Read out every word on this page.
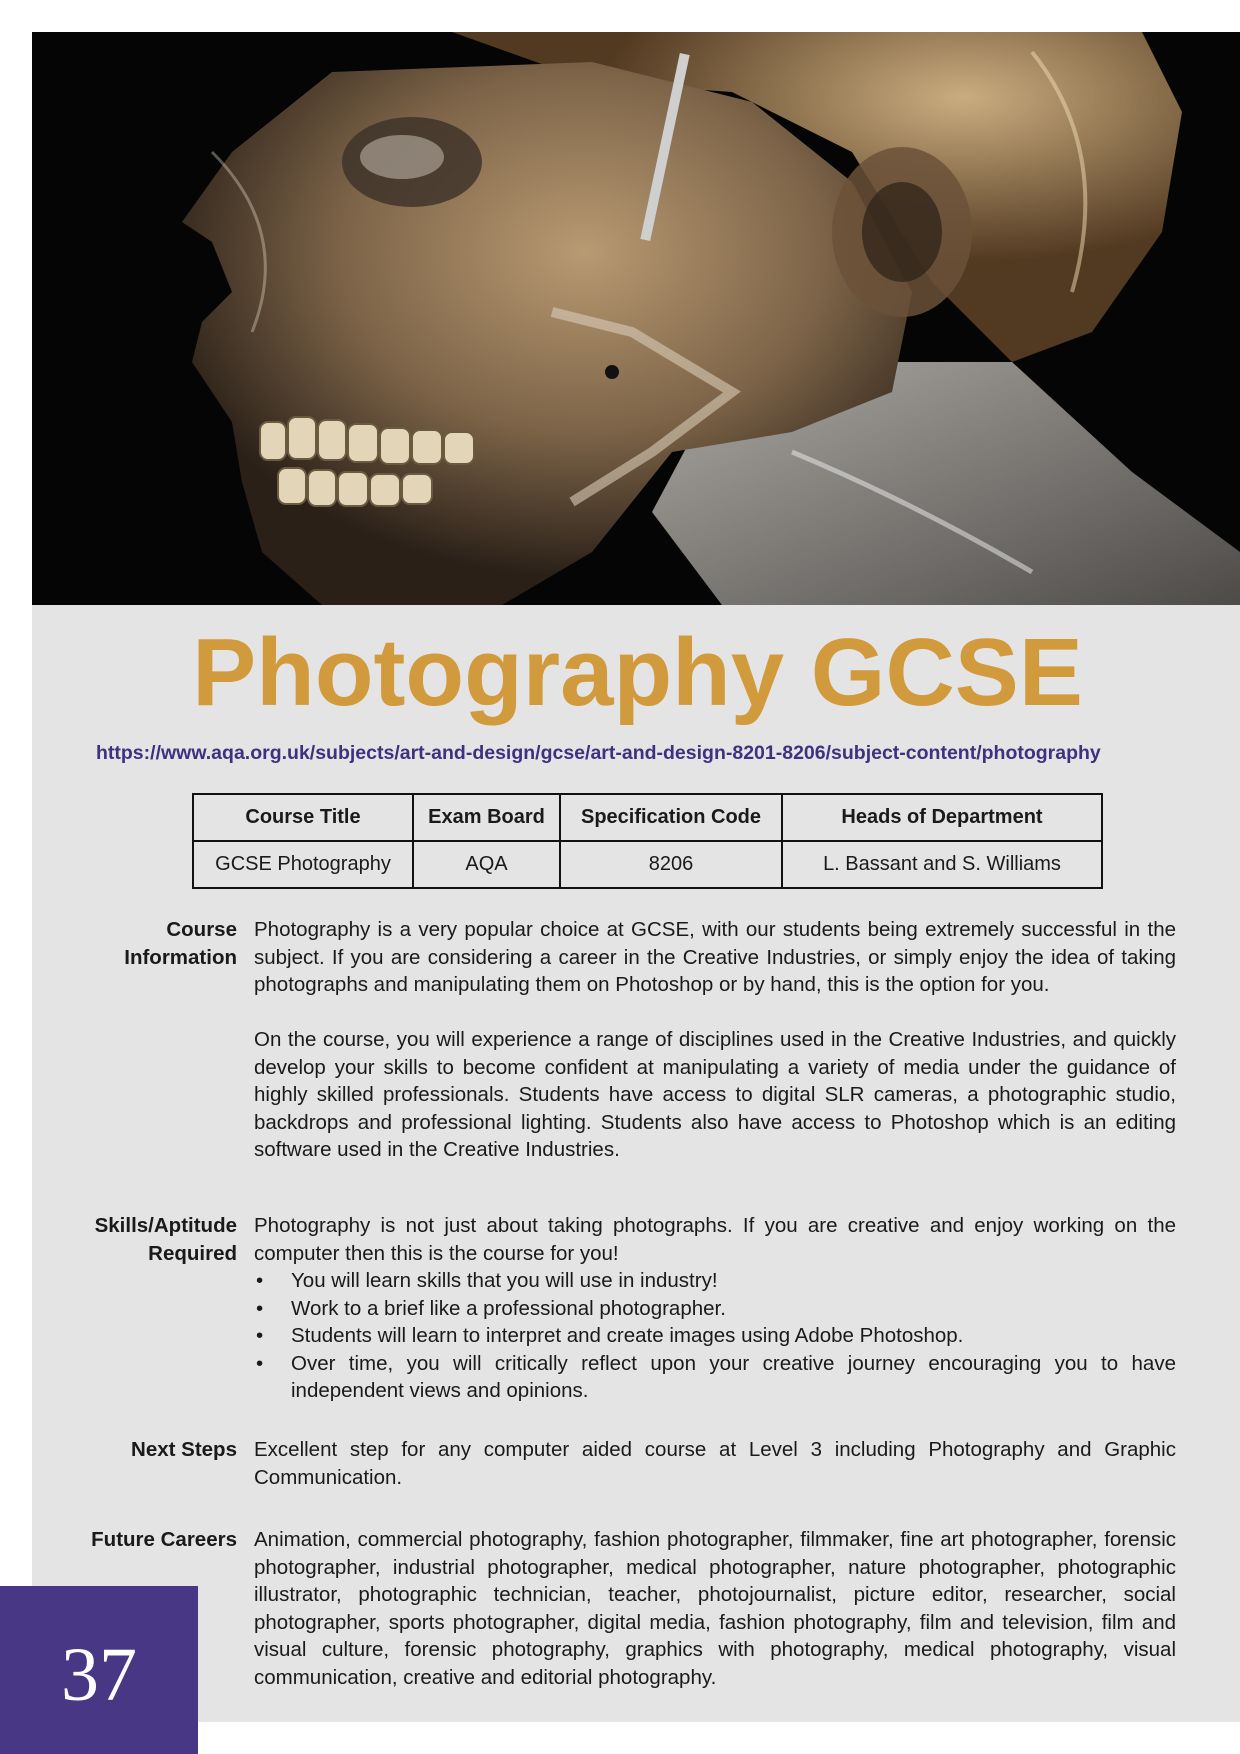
Photography GCSE
https://www.aqa.org.uk/subjects/art-and-design/gcse/art-and-design-8201-8206/subject-content/photography
Course Title	Exam Board	Specification Code	Heads of Department
GCSE Photography	AQA	8206	L. Bassant and S. Williams
Course
Information

Photography is a very popular choice at GCSE, with our students being extremely successful in the subject. If you are considering a career in the Creative Industries, or simply enjoy the idea of taking photographs and manipulating them on Photoshop or by hand, this is the option for you.

On the course, you will experience a range of disciplines used in the Creative Industries, and quickly develop your skills to become confident at manipulating a variety of media under the guidance of highly skilled professionals. Students have access to digital SLR cameras, a photographic studio, backdrops and professional lighting. Students also have access to Photoshop which is an editing software used in the Creative Industries.

Skills/Aptitude
Required

Photography is not just about taking photographs. If you are creative and enjoy working on the computer then this is the course for you!

• You will learn skills that you will use in industry!
• Work to a brief like a professional photographer.
• Students will learn to interpret and create images using Adobe Photoshop.
• Over time, you will critically reflect upon your creative journey encouraging you to have independent views and opinions.
Next Steps Excellent step for any computer aided course at Level 3 including Photography and Graphic Communication.

Future Careers Animation, commercial photography, fashion photographer, filmmaker, fine art photographer, forensic photographer, industrial photographer, medical photographer, nature photographer, photographic illustrator, photographic technician, teacher, photojournalist, picture editor, researcher, social photographer, sports photographer, digital media, fashion photography, film and television, film and visual culture, forensic photography, graphics with photography, medical photography, visual communication, creative and editorial photography.

37
